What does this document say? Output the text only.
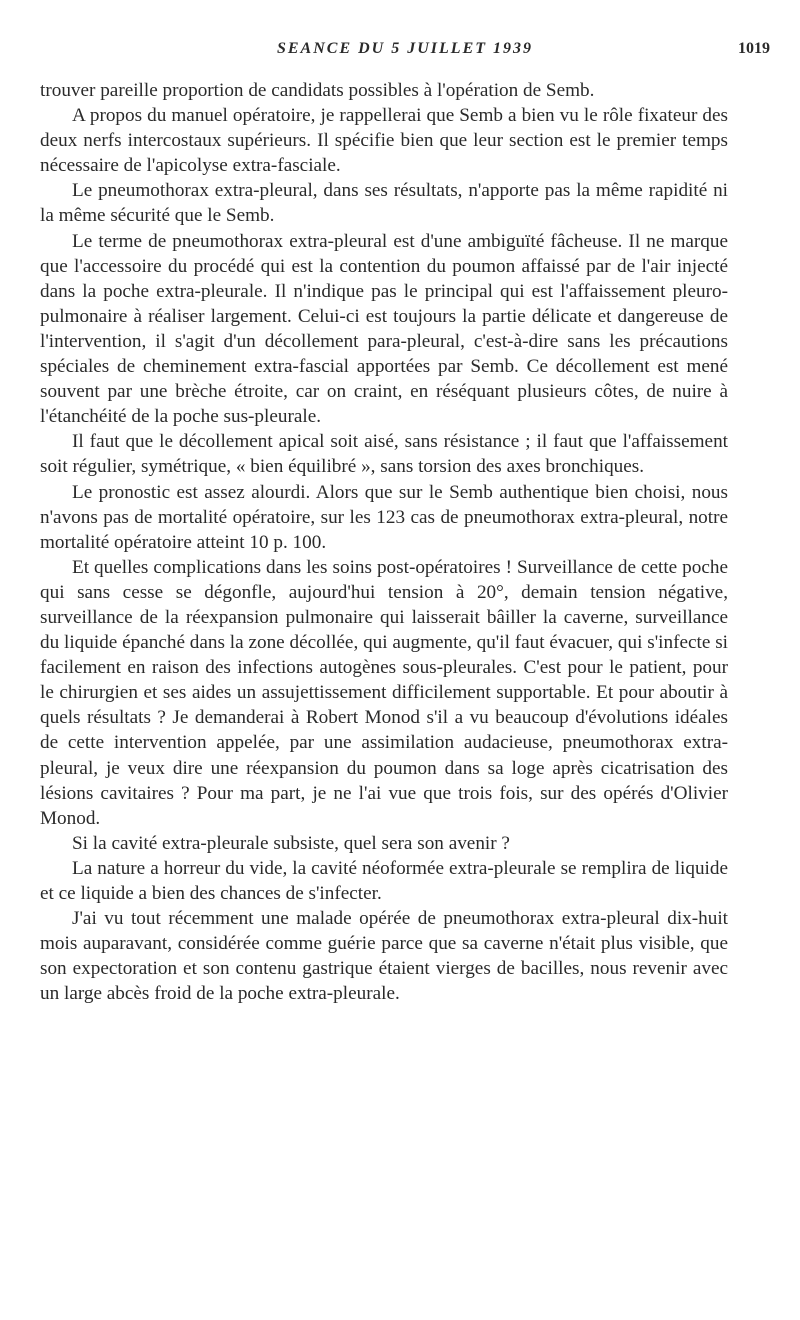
SEANCE DU 5 JUILLET 1939	1019

trouver pareille proportion de candidats possibles à l'opération de Semb.

A propos du manuel opératoire, je rappellerai que Semb a bien vu le rôle fixateur des deux nerfs intercostaux supérieurs. Il spécifie bien que leur section est le premier temps nécessaire de l'apicolyse extra-fasciale.

Le pneumothorax extra-pleural, dans ses résultats, n'apporte pas la même rapidité ni la même sécurité que le Semb.

Le terme de pneumothorax extra-pleural est d'une ambiguïté fâcheuse. Il ne marque que l'accessoire du procédé qui est la contention du poumon affaissé par de l'air injecté dans la poche extra-pleurale. Il n'indique pas le principal qui est l'affaissement pleuro-pulmonaire à réaliser largement. Celui-ci est toujours la partie délicate et dangereuse de l'intervention, il s'agit d'un décollement para-pleural, c'est-à-dire sans les précautions spéciales de cheminement extra-fascial apportées par Semb. Ce décollement est mené souvent par une brèche étroite, car on craint, en réséquant plusieurs côtes, de nuire à l'étanchéité de la poche sus-pleurale.

Il faut que le décollement apical soit aisé, sans résistance ; il faut que l'affaissement soit régulier, symétrique, « bien équilibré », sans torsion des axes bronchiques.

Le pronostic est assez alourdi. Alors que sur le Semb authentique bien choisi, nous n'avons pas de mortalité opératoire, sur les 123 cas de pneumothorax extra-pleural, notre mortalité opératoire atteint 10 p. 100.

Et quelles complications dans les soins post-opératoires ! Surveillance de cette poche qui sans cesse se dégonfle, aujourd'hui tension à 20°, demain tension négative, surveillance de la réexpansion pulmonaire qui laisserait bâiller la caverne, surveillance du liquide épanché dans la zone décollée, qui augmente, qu'il faut évacuer, qui s'infecte si facilement en raison des infections autogènes sous-pleurales. C'est pour le patient, pour le chirurgien et ses aides un assujettissement difficilement supportable. Et pour aboutir à quels résultats ? Je demanderai à Robert Monod s'il a vu beaucoup d'évolutions idéales de cette intervention appelée, par une assimilation audacieuse, pneumothorax extra-pleural, je veux dire une réexpansion du poumon dans sa loge après cicatrisation des lésions cavitaires ? Pour ma part, je ne l'ai vue que trois fois, sur des opérés d'Olivier Monod.

Si la cavité extra-pleurale subsiste, quel sera son avenir ?

La nature a horreur du vide, la cavité néoformée extra-pleurale se remplira de liquide et ce liquide a bien des chances de s'infecter.

J'ai vu tout récemment une malade opérée de pneumothorax extra-pleural dix-huit mois auparavant, considérée comme guérie parce que sa caverne n'était plus visible, que son expectoration et son contenu gastrique étaient vierges de bacilles, nous revenir avec un large abcès froid de la poche extra-pleurale.
